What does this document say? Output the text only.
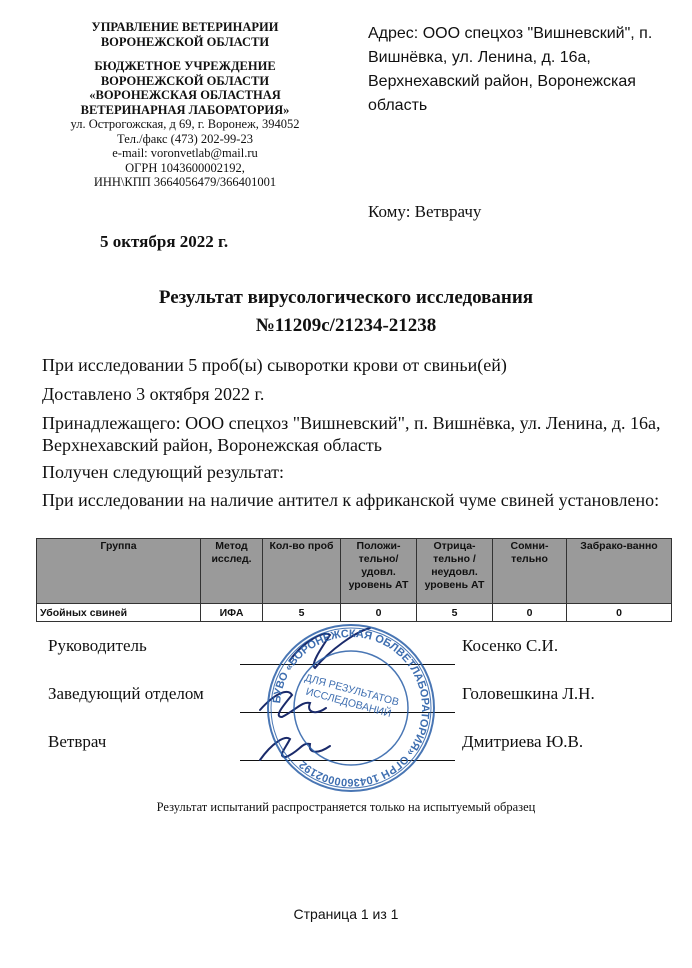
УПРАВЛЕНИЕ ВЕТЕРИНАРИИ
ВОРОНЕЖСКОЙ ОБЛАСТИ
БЮДЖЕТНОЕ УЧРЕЖДЕНИЕ
ВОРОНЕЖСКОЙ ОБЛАСТИ
«ВОРОНЕЖСКАЯ ОБЛАСТНАЯ
ВЕТЕРИНАРНАЯ ЛАБОРАТОРИЯ»
ул. Острогожская, д 69, г. Воронеж, 394052
Тел./факс (473) 202-99-23
e-mail: voronvetlab@mail.ru
ОГРН 1043600002192,
ИНН\КПП 3664056479/366401001
Адрес: ООО спецхоз "Вишневский", п. Вишнёвка, ул. Ленина, д. 16а, Верхнехавский район, Воронежская область
Кому: Ветврачу
5 октября 2022 г.
Результат вирусологического исследования
№11209с/21234-21238
При исследовании 5 проб(ы) сыворотки крови от свиньи(ей)
Доставлено 3 октября 2022 г.
Принадлежащего: ООО спецхоз "Вишневский", п. Вишнёвка, ул. Ленина, д. 16а, Верхнехавский район, Воронежская область
Получен следующий результат:
При исследовании на наличие антител к африканской чуме свиней установлено:
Группа	Метод исслед.	Кол-во проб	Положи-тельно/ удовл. уровень АТ	Отрица-тельно / неудовл. уровень АТ	Сомни-тельно	Забрако-ванно
Убойных свиней	ИФА	5	0	5	0	0
Руководитель	Косенко С.И.
Заведующий отделом	Головешкина Л.Н.
Ветврач	Дмитриева Ю.В.
БУВО «ВОРОНЕЖСКАЯ ОБЛВЕТЛАБОРАТОРИЯ» ОГРН 1043600002192
ДЛЯ РЕЗУЛЬТАТОВ ИССЛЕДОВАНИЙ
Результат испытаний распространяется только на испытуемый образец
Страница 1 из 1
